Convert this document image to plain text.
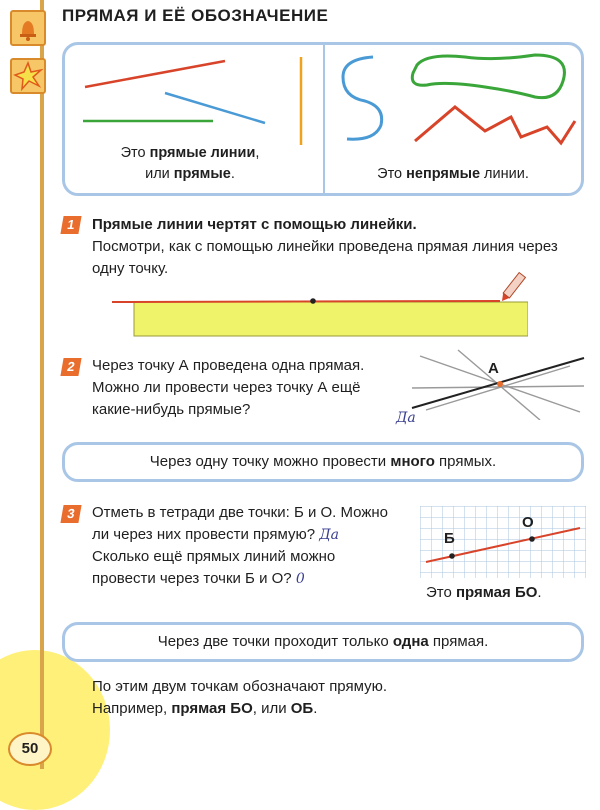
ПРЯМАЯ И ЕЁ ОБОЗНАЧЕНИЕ
Это прямые линии,
или прямые.	Это непрямые линии.
1	Прямые линии чертят с помощью линейки.
Посмотри, как с помощью линейки проведена прямая линия через одну точку.
2	Через точку А проведена одна прямая. Можно ли провести через точку А ещё какие-нибудь прямые?	Да
А
Через одну точку можно провести много прямых.
3	Отметь в тетради две точки: Б и О. Можно ли через них провести прямую? Да
Сколько ещё прямых линий можно провести через точки Б и О? 0
Б
О
Это прямая БО.
Через две точки проходит только одна прямая.
По этим двум точкам обозначают прямую.
Например, прямая БО, или ОБ.
50
